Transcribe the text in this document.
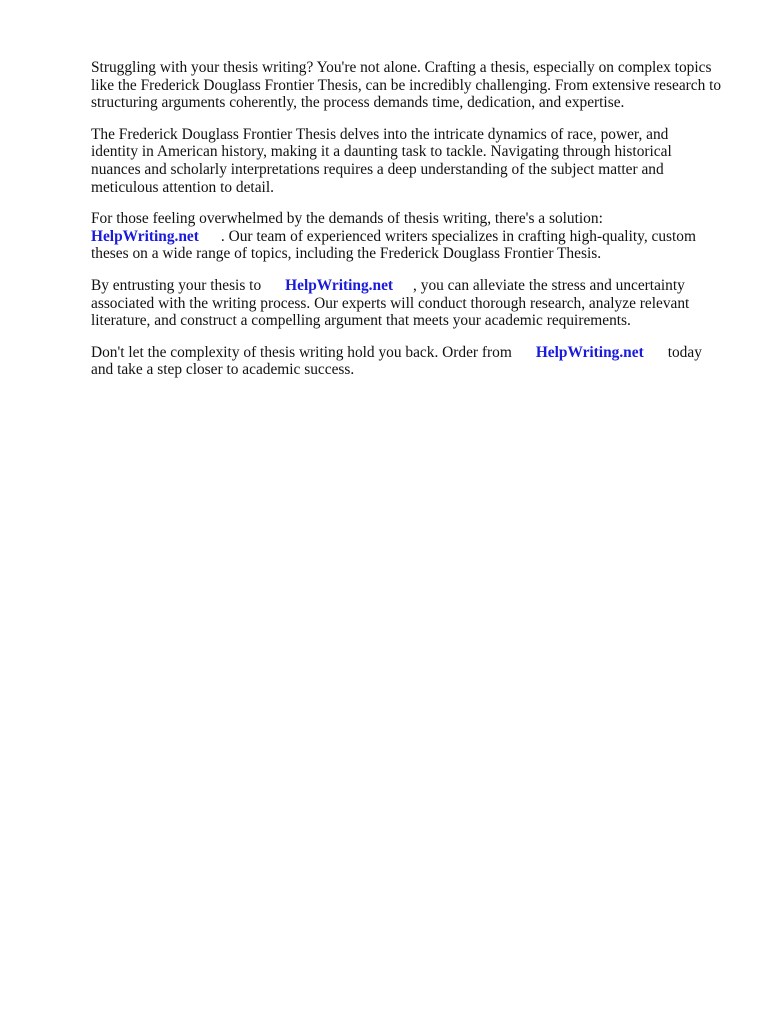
Struggling with your thesis writing? You're not alone. Crafting a thesis, especially on complex topics
like the Frederick Douglass Frontier Thesis, can be incredibly challenging. From extensive research to
structuring arguments coherently, the process demands time, dedication, and expertise.

The Frederick Douglass Frontier Thesis delves into the intricate dynamics of race, power, and
identity in American history, making it a daunting task to tackle. Navigating through historical
nuances and scholarly interpretations requires a deep understanding of the subject matter and
meticulous attention to detail.

For those feeling overwhelmed by the demands of thesis writing, there's a solution:
HelpWriting.net . Our team of experienced writers specializes in crafting high-quality, custom
theses on a wide range of topics, including the Frederick Douglass Frontier Thesis.

By entrusting your thesis to HelpWriting.net , you can alleviate the stress and uncertainty
associated with the writing process. Our experts will conduct thorough research, analyze relevant
literature, and construct a compelling argument that meets your academic requirements.

Don't let the complexity of thesis writing hold you back. Order from HelpWriting.net today
and take a step closer to academic success.
